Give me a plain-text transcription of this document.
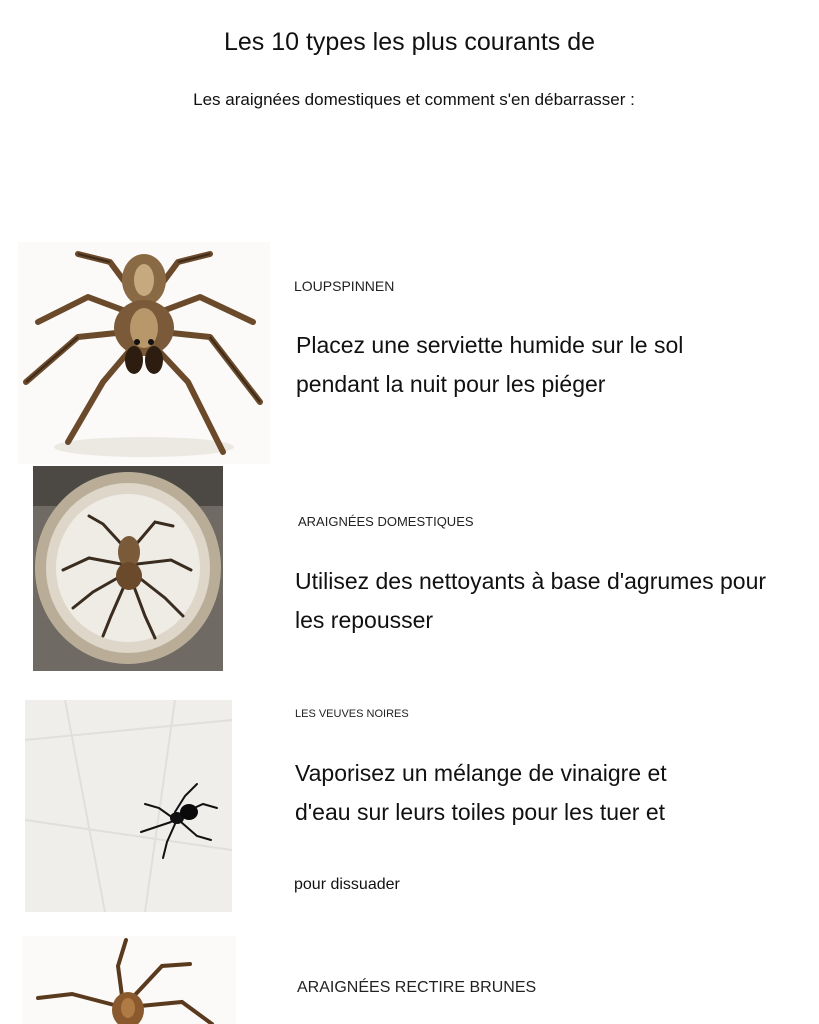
Les 10 types les plus courants de
Les araignées domestiques et comment s'en débarrasser :
LOUPSPINNEN
Placez une serviette humide sur le sol pendant la nuit pour les piéger
ARAIGNÉES DOMESTIQUES
Utilisez des nettoyants à base d'agrumes pour les repousser
LES VEUVES NOIRES
Vaporisez un mélange de vinaigre et d'eau sur leurs toiles pour les tuer et
pour dissuader
ARAIGNÉES RECTIRE BRUNES
